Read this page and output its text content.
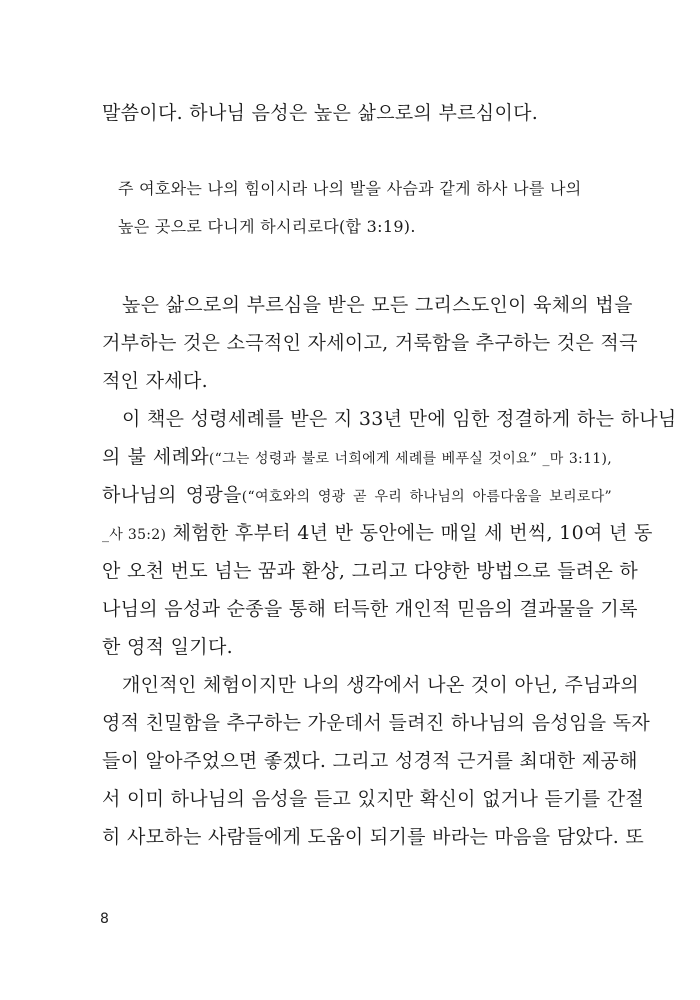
말씀이다. 하나님 음성은 높은 삶으로의 부르심이다.
주 여호와는 나의 힘이시라 나의 발을 사슴과 같게 하사 나를 나의
높은 곳으로 다니게 하시리로다(합 3:19).
높은 삶으로의 부르심을 받은 모든 그리스도인이 육체의 법을
거부하는 것은 소극적인 자세이고, 거룩함을 추구하는 것은 적극
적인 자세다.
이 책은 성령세례를 받은 지 33년 만에 임한 정결하게 하는 하나님
의 불 세례와(“그는 성령과 불로 너희에게 세례를 베푸실 것이요” _마 3:11),
하나님의 영광을(“여호와의 영광 곧 우리 하나님의 아름다움을 보리로다”
_사 35:2) 체험한 후부터 4년 반 동안에는 매일 세 번씩, 10여 년 동
안 오천 번도 넘는 꿈과 환상, 그리고 다양한 방법으로 들려온 하
나님의 음성과 순종을 통해 터득한 개인적 믿음의 결과물을 기록
한 영적 일기다.
개인적인 체험이지만 나의 생각에서 나온 것이 아닌, 주님과의
영적 친밀함을 추구하는 가운데서 들려진 하나님의 음성임을 독자
들이 알아주었으면 좋겠다. 그리고 성경적 근거를 최대한 제공해
서 이미 하나님의 음성을 듣고 있지만 확신이 없거나 듣기를 간절
히 사모하는 사람들에게 도움이 되기를 바라는 마음을 담았다. 또
8
